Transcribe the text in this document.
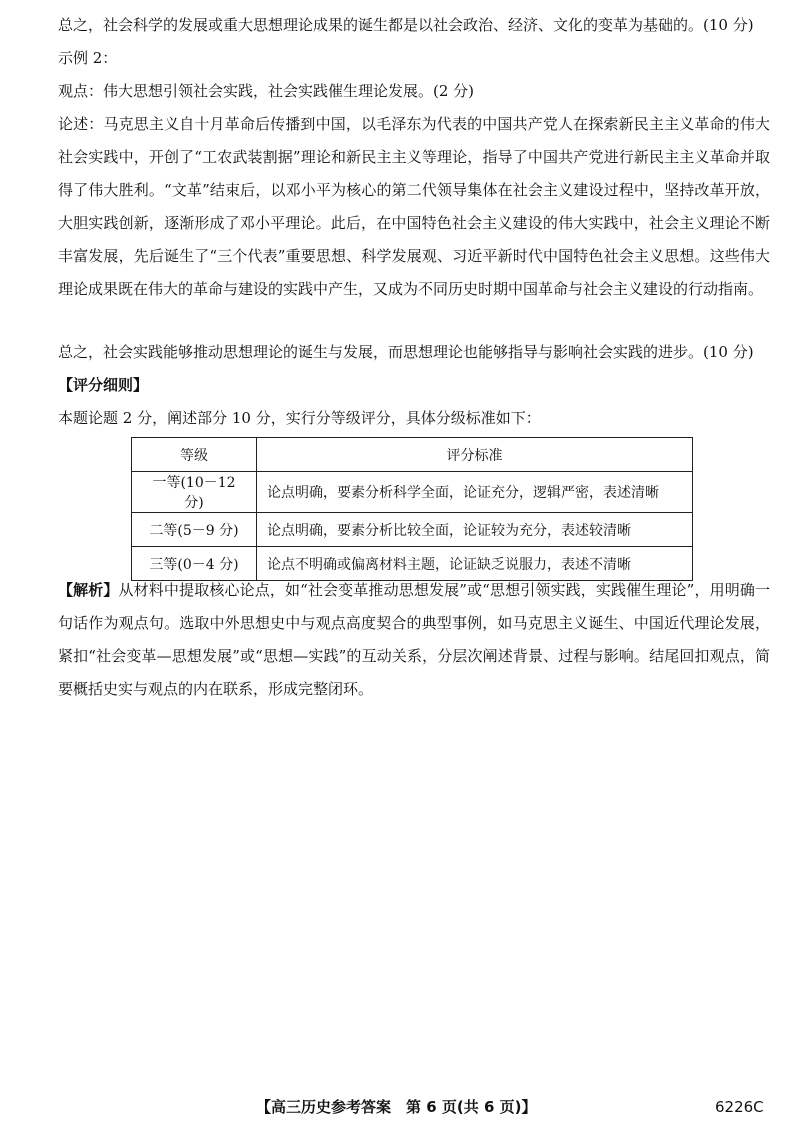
总之，社会科学的发展或重大思想理论成果的诞生都是以社会政治、经济、文化的变革为基础的。(10 分)
示例 2：
观点：伟大思想引领社会实践，社会实践催生理论发展。(2 分)
论述：马克思主义自十月革命后传播到中国，以毛泽东为代表的中国共产党人在探索新民主主义革命的伟大社会实践中，开创了“工农武装割据”理论和新民主主义等理论，指导了中国共产党进行新民主主义革命并取得了伟大胜利。“文革”结束后，以邓小平为核心的第二代领导集体在社会主义建设过程中，坚持改革开放，大胆实践创新，逐渐形成了邓小平理论。此后，在中国特色社会主义建设的伟大实践中，社会主义理论不断丰富发展，先后诞生了“三个代表”重要思想、科学发展观、习近平新时代中国特色社会主义思想。这些伟大理论成果既在伟大的革命与建设的实践中产生，又成为不同历史时期中国革命与社会主义建设的行动指南。
总之，社会实践能够推动思想理论的诞生与发展，而思想理论也能够指导与影响社会实践的进步。(10 分)
【评分细则】
本题论题 2 分，阐述部分 10 分，实行分等级评分，具体分级标准如下：
等级	评分标准
一等(10－12 分)	论点明确，要素分析科学全面，论证充分，逻辑严密，表述清晰
二等(5－9 分)	论点明确，要素分析比较全面，论证较为充分，表述较清晰
三等(0－4 分)	论点不明确或偏离材料主题，论证缺乏说服力，表述不清晰
【解析】从材料中提取核心论点，如“社会变革推动思想发展”或“思想引领实践，实践催生理论”，用明确一句话作为观点句。选取中外思想史中与观点高度契合的典型事例，如马克思主义诞生、中国近代理论发展，紧扣“社会变革—思想发展”或“思想—实践”的互动关系，分层次阐述背景、过程与影响。结尾回扣观点，简要概括史实与观点的内在联系，形成完整闭环。
【高三历史参考答案　第 6 页(共 6 页)】	6226C
